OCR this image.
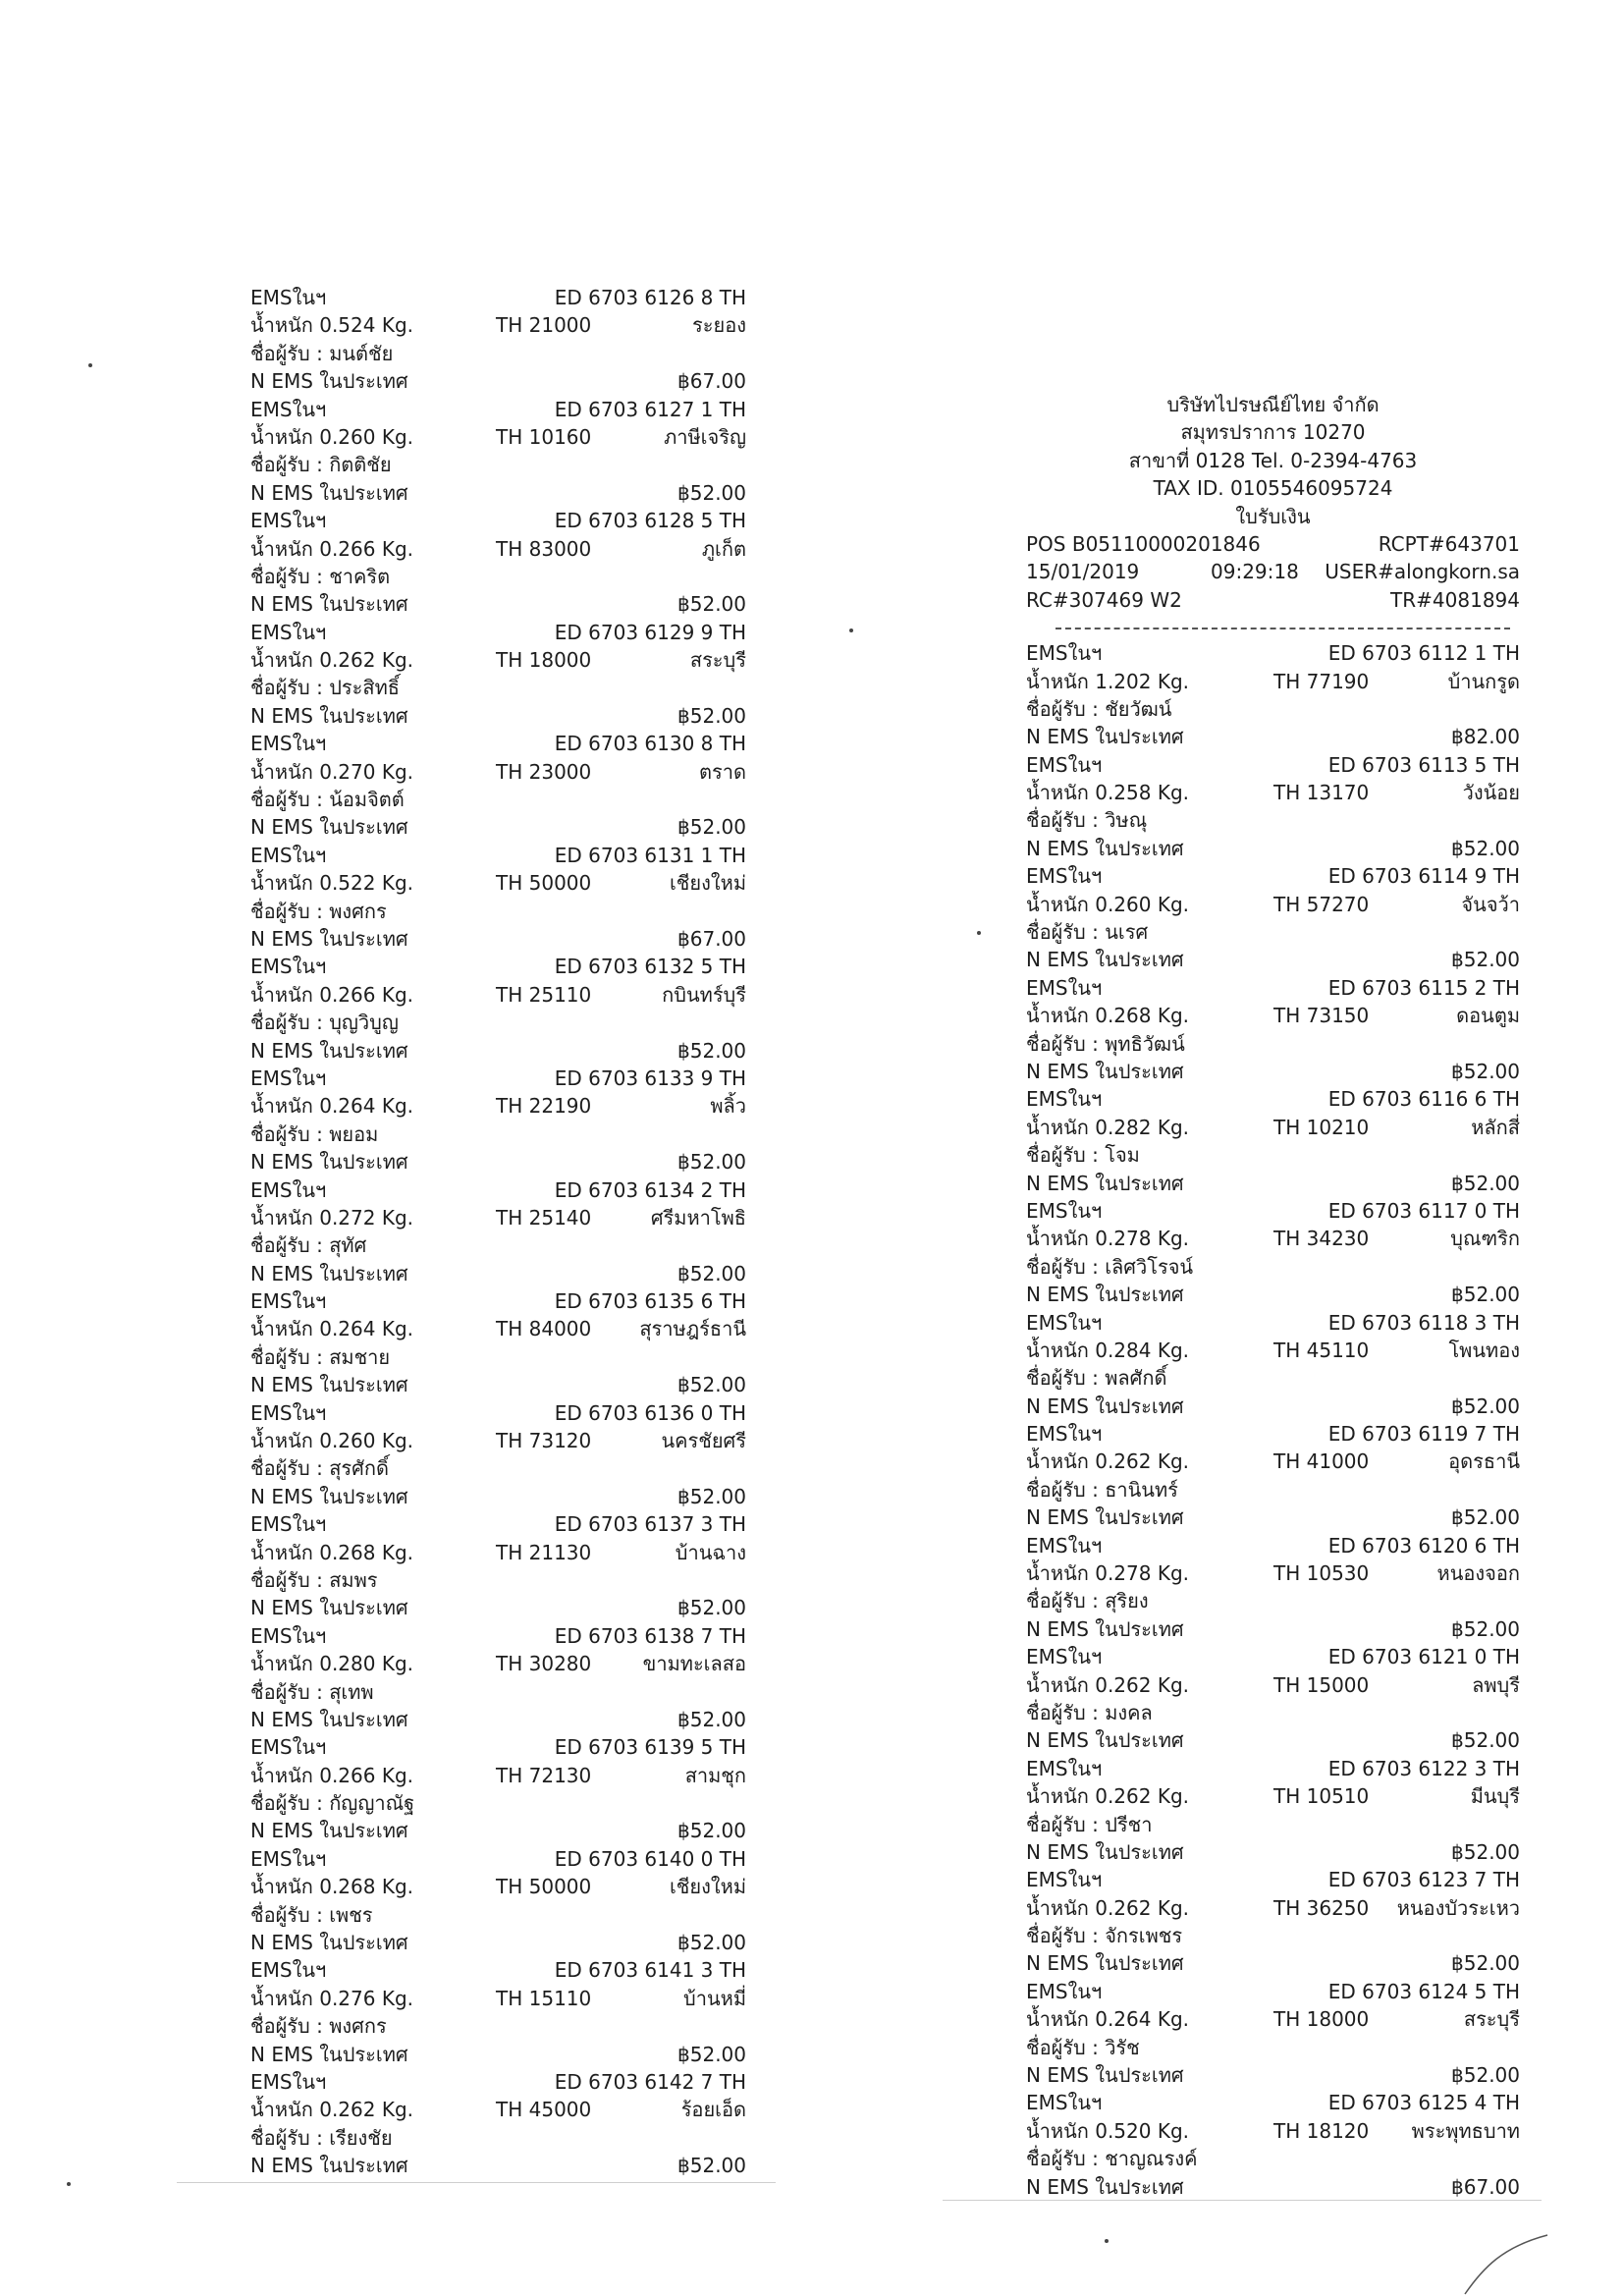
EMSในฯ	ED 6703 6126 8 TH
น้ำหนัก 0.524 Kg.	TH 21000	ระยอง
ชื่อผู้รับ : มนต์ชัย
N EMS ในประเทศ	฿67.00
EMSในฯ	ED 6703 6127 1 TH
น้ำหนัก 0.260 Kg.	TH 10160	ภาษีเจริญ
ชื่อผู้รับ : กิตติชัย
N EMS ในประเทศ	฿52.00
EMSในฯ	ED 6703 6128 5 TH
น้ำหนัก 0.266 Kg.	TH 83000	ภูเก็ต
ชื่อผู้รับ : ชาคริต
N EMS ในประเทศ	฿52.00
EMSในฯ	ED 6703 6129 9 TH
น้ำหนัก 0.262 Kg.	TH 18000	สระบุรี
ชื่อผู้รับ : ประสิทธิ์
N EMS ในประเทศ	฿52.00
EMSในฯ	ED 6703 6130 8 TH
น้ำหนัก 0.270 Kg.	TH 23000	ตราด
ชื่อผู้รับ : น้อมจิตต์
N EMS ในประเทศ	฿52.00
EMSในฯ	ED 6703 6131 1 TH
น้ำหนัก 0.522 Kg.	TH 50000	เชียงใหม่
ชื่อผู้รับ : พงศกร
N EMS ในประเทศ	฿67.00
EMSในฯ	ED 6703 6132 5 TH
น้ำหนัก 0.266 Kg.	TH 25110	กบินทร์บุรี
ชื่อผู้รับ : บุญวิบูญ
N EMS ในประเทศ	฿52.00
EMSในฯ	ED 6703 6133 9 TH
น้ำหนัก 0.264 Kg.	TH 22190	พลิ้ว
ชื่อผู้รับ : พยอม
N EMS ในประเทศ	฿52.00
EMSในฯ	ED 6703 6134 2 TH
น้ำหนัก 0.272 Kg.	TH 25140	ศรีมหาโพธิ
ชื่อผู้รับ : สุทัศ
N EMS ในประเทศ	฿52.00
EMSในฯ	ED 6703 6135 6 TH
น้ำหนัก 0.264 Kg.	TH 84000 สุราษฎร์ธานี
ชื่อผู้รับ : สมชาย
N EMS ในประเทศ	฿52.00
EMSในฯ	ED 6703 6136 0 TH
น้ำหนัก 0.260 Kg.	TH 73120	นครชัยศรี
ชื่อผู้รับ : สุรศักดิ์
N EMS ในประเทศ	฿52.00
EMSในฯ	ED 6703 6137 3 TH
น้ำหนัก 0.268 Kg.	TH 21130	บ้านฉาง
ชื่อผู้รับ : สมพร
N EMS ในประเทศ	฿52.00
EMSในฯ	ED 6703 6138 7 TH
น้ำหนัก 0.280 Kg.	TH 30280	ขามทะเลสอ
ชื่อผู้รับ : สุเทพ
N EMS ในประเทศ	฿52.00
EMSในฯ	ED 6703 6139 5 TH
น้ำหนัก 0.266 Kg.	TH 72130	สามชุก
ชื่อผู้รับ : กัญญาณัฐ
N EMS ในประเทศ	฿52.00
EMSในฯ	ED 6703 6140 0 TH
น้ำหนัก 0.268 Kg.	TH 50000	เชียงใหม่
ชื่อผู้รับ : เพชร
N EMS ในประเทศ	฿52.00
EMSในฯ	ED 6703 6141 3 TH
น้ำหนัก 0.276 Kg.	TH 15110	บ้านหมี่
ชื่อผู้รับ : พงศกร
N EMS ในประเทศ	฿52.00
EMSในฯ	ED 6703 6142 7 TH
น้ำหนัก 0.262 Kg.	TH 45000	ร้อยเอ็ด
ชื่อผู้รับ : เรียงชัย
N EMS ในประเทศ	฿52.00
บริษัทไปรษณีย์ไทย จำกัด
สมุทรปราการ 10270
สาขาที่ 0128 Tel. 0-2394-4763
TAX ID. 0105546095724
ใบรับเงิน
POS B05110000201846	RCPT#643701
15/01/2019	09:29:18 USER#alongkorn.sa
RC#307469 W2	TR#4081894
EMSในฯ	ED 6703 6112 1 TH
น้ำหนัก 1.202 Kg.	TH 77190	บ้านกรูด
ชื่อผู้รับ : ชัยวัฒน์
N EMS ในประเทศ	฿82.00
EMSในฯ	ED 6703 6113 5 TH
น้ำหนัก 0.258 Kg.	TH 13170	วังน้อย
ชื่อผู้รับ : วิษณุ
N EMS ในประเทศ	฿52.00
EMSในฯ	ED 6703 6114 9 TH
น้ำหนัก 0.260 Kg.	TH 57270	จันจว้า
ชื่อผู้รับ : นเรศ
N EMS ในประเทศ	฿52.00
EMSในฯ	ED 6703 6115 2 TH
น้ำหนัก 0.268 Kg.	TH 73150	ดอนตูม
ชื่อผู้รับ : พุทธิวัฒน์
N EMS ในประเทศ	฿52.00
EMSในฯ	ED 6703 6116 6 TH
น้ำหนัก 0.282 Kg.	TH 10210	หลักสี่
ชื่อผู้รับ : โจม
N EMS ในประเทศ	฿52.00
EMSในฯ	ED 6703 6117 0 TH
น้ำหนัก 0.278 Kg.	TH 34230	บุณฑริก
ชื่อผู้รับ : เลิศวิโรจน์
N EMS ในประเทศ	฿52.00
EMSในฯ	ED 6703 6118 3 TH
น้ำหนัก 0.284 Kg.	TH 45110	โพนทอง
ชื่อผู้รับ : พลศักดิ์
N EMS ในประเทศ	฿52.00
EMSในฯ	ED 6703 6119 7 TH
น้ำหนัก 0.262 Kg.	TH 41000	อุดรธานี
ชื่อผู้รับ : ธานินทร์
N EMS ในประเทศ	฿52.00
EMSในฯ	ED 6703 6120 6 TH
น้ำหนัก 0.278 Kg.	TH 10530	หนองจอก
ชื่อผู้รับ : สุริยง
N EMS ในประเทศ	฿52.00
EMSในฯ	ED 6703 6121 0 TH
น้ำหนัก 0.262 Kg.	TH 15000	ลพบุรี
ชื่อผู้รับ : มงคล
N EMS ในประเทศ	฿52.00
EMSในฯ	ED 6703 6122 3 TH
น้ำหนัก 0.262 Kg.	TH 10510	มีนบุรี
ชื่อผู้รับ : ปรีชา
N EMS ในประเทศ	฿52.00
EMSในฯ	ED 6703 6123 7 TH
น้ำหนัก 0.262 Kg.	TH 36250 หนองบัวระเหว
ชื่อผู้รับ : จักรเพชร
N EMS ในประเทศ	฿52.00
EMSในฯ	ED 6703 6124 5 TH
น้ำหนัก 0.264 Kg.	TH 18000	สระบุรี
ชื่อผู้รับ : วิรัช
N EMS ในประเทศ	฿52.00
EMSในฯ	ED 6703 6125 4 TH
น้ำหนัก 0.520 Kg.	TH 18120 พระพุทธบาท
ชื่อผู้รับ : ชาญณรงค์
N EMS ในประเทศ	฿67.00
